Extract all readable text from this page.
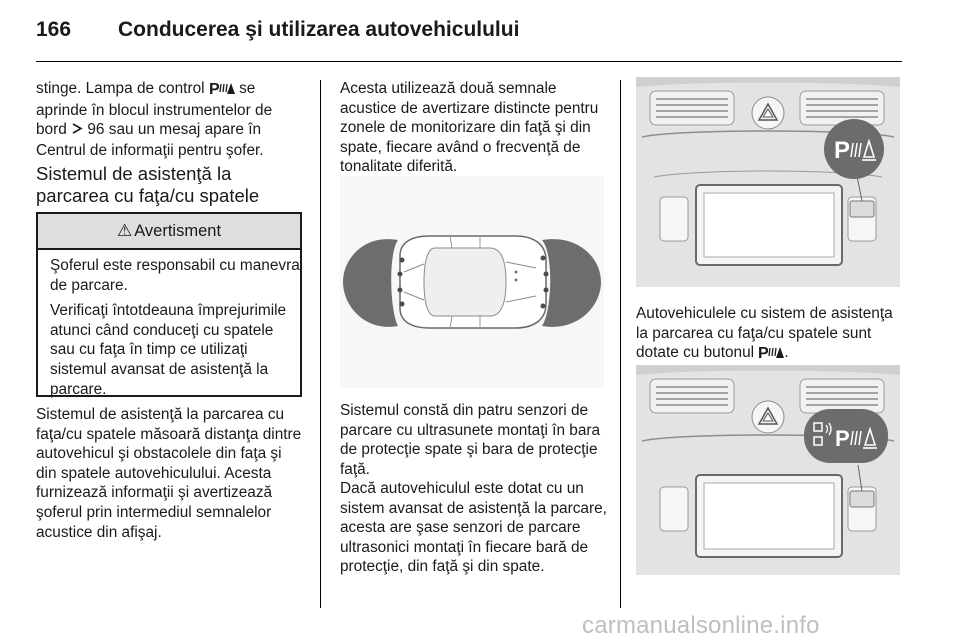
166 Conducerea şi utilizarea autovehiculului
stinge. Lampa de control P se aprinde în blocul instrumentelor de bord 96 sau un mesaj apare în Centrul de informaţii pentru şofer.
Sistemul de asistenţă la parcarea cu faţa/cu spatele
⚠ Avertisment

Şoferul este responsabil cu manevra de parcare.

Verificaţi întotdeauna împrejurimile atunci când conduceţi cu spatele sau cu faţa în timp ce utilizaţi sistemul avansat de asistenţă la parcare.

Sistemul de asistenţă la parcarea cu faţa/cu spatele măsoară distanţa dintre autovehicul şi obstacolele din faţa şi din spatele autovehiculului. Acesta furnizează informaţii şi avertizează şoferul prin intermediul semnalelor acustice din afişaj.
Acesta utilizează două semnale acustice de avertizare distincte pentru zonele de monitorizare din faţă şi din spate, fiecare având o frecvenţă de tonalitate diferită.
Sistemul constă din patru senzori de parcare cu ultrasunete montaţi în bara de protecţie spate şi bara de protecţie faţă.
Dacă autovehiculul este dotat cu un sistem avansat de asistenţă la parcare, acesta are şase senzori de parcare ultrasonici montaţi în fiecare bară de protecţie, din faţă şi din spate.
P
Autovehiculele cu sistem de asistenţa la parcarea cu faţa/cu spatele sunt dotate cu butonul P .
P
carmanualsonline.info
